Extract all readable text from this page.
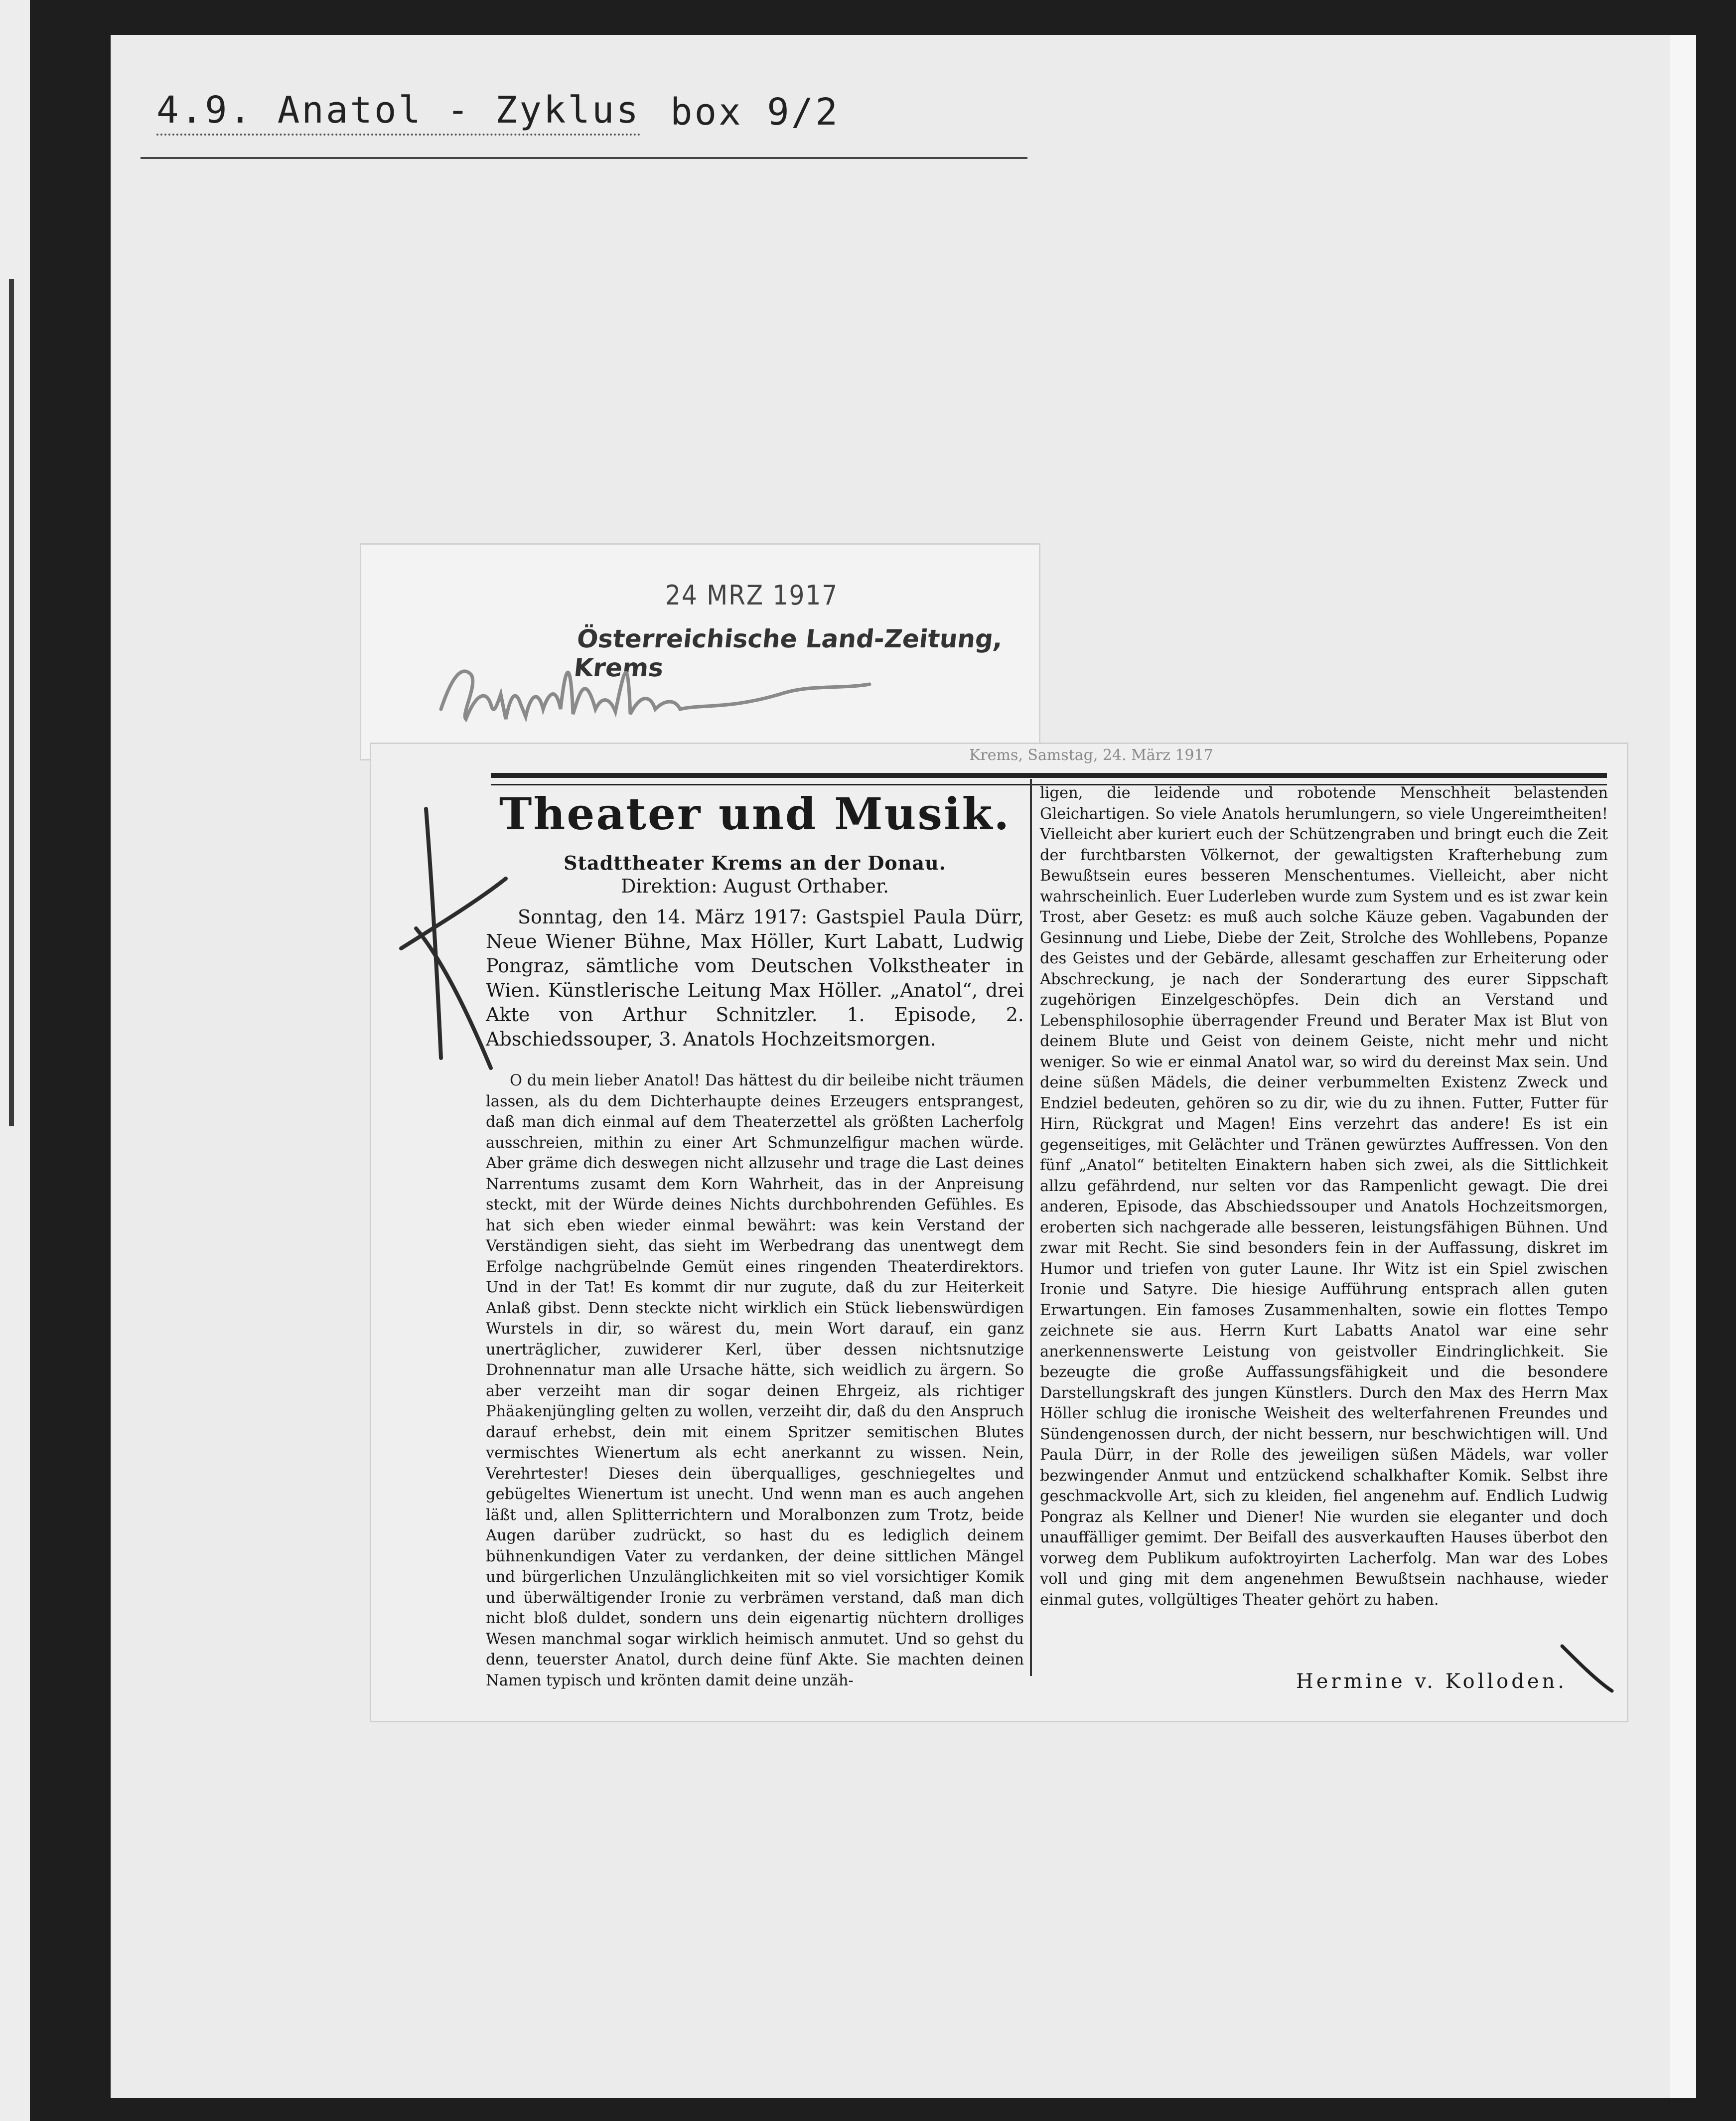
4.9. Anatol - Zyklus box 9/2
24 MRZ 1917
Österreichische Land-Zeitung, Krems
Krems, Samstag, 24. März 1917
Theater und Musik.
Stadttheater Krems an der Donau.
Direktion: August Orthaber.

Sonntag, den 14. März 1917: Gastspiel Paula Dürr, Neue Wiener Bühne, Max Höller, Kurt Labatt, Ludwig Pongraz, sämtliche vom Deutschen Volkstheater in Wien. Künstlerische Leitung Max Höller. „Anatol“, drei Akte von Arthur Schnitzler. 1. Episode, 2. Abschiedssouper, 3. Anatols Hochzeitsmorgen.

O du mein lieber Anatol! Das hättest du dir beileibe nicht träumen lassen, als du dem Dichterhaupte deines Erzeugers entsprangest, daß man dich einmal auf dem Theaterzettel als größten Lacherfolg ausschreien, mithin zu einer Art Schmunzelfigur machen würde. Aber gräme dich deswegen nicht allzusehr und trage die Last deines Narrentums zusamt dem Korn Wahrheit, das in der Anpreisung steckt, mit der Würde deines Nichts durchbohrenden Gefühles. Es hat sich eben wieder einmal bewährt: was kein Verstand der Verständigen sieht, das sieht im Werbedrang das unentwegt dem Erfolge nachgrübelnde Gemüt eines ringenden Theaterdirektors. Und in der Tat! Es kommt dir nur zugute, daß du zur Heiterkeit Anlaß gibst. Denn steckte nicht wirklich ein Stück liebenswürdigen Wurstels in dir, so wärest du, mein Wort darauf, ein ganz unerträglicher, zuwiderer Kerl, über dessen nichtsnutzige Drohnennatur man alle Ursache hätte, sich weidlich zu ärgern. So aber verzeiht man dir sogar deinen Ehrgeiz, als richtiger Phäakenjüngling gelten zu wollen, verzeiht dir, daß du den Anspruch darauf erhebst, dein mit einem Spritzer semitischen Blutes vermischtes Wienertum als echt anerkannt zu wissen. Nein, Verehrtester! Dieses dein überqualliges, geschniegeltes und gebügeltes Wienertum ist unecht. Und wenn man es auch angehen läßt und, allen Splitterrichtern und Moralbonzen zum Trotz, beide Augen darüber zudrückt, so hast du es lediglich deinem bühnenkundigen Vater zu verdanken, der deine sittlichen Mängel und bürgerlichen Unzulänglichkeiten mit so viel vorsichtiger Komik und überwältigender Ironie zu verbrämen verstand, daß man dich nicht bloß duldet, sondern uns dein eigenartig nüchtern drolliges Wesen manchmal sogar wirklich heimisch anmutet. Und so gehst du denn, teuerster Anatol, durch deine fünf Akte. Sie machten deinen Namen typisch und krönten damit deine unzäh-

ligen, die leidende und robotende Menschheit belastenden Gleichartigen. So viele Anatols herumlungern, so viele Ungereimtheiten! Vielleicht aber kuriert euch der Schützengraben und bringt euch die Zeit der furchtbarsten Völkernot, der gewaltigsten Krafterhebung zum Bewußtsein eures besseren Menschentumes. Vielleicht, aber nicht wahrscheinlich. Euer Luderleben wurde zum System und es ist zwar kein Trost, aber Gesetz: es muß auch solche Käuze geben. Vagabunden der Gesinnung und Liebe, Diebe der Zeit, Strolche des Wohllebens, Popanze des Geistes und der Gebärde, allesamt geschaffen zur Erheiterung oder Abschreckung, je nach der Sonderartung des eurer Sippschaft zugehörigen Einzelgeschöpfes. Dein dich an Verstand und Lebensphilosophie überragender Freund und Berater Max ist Blut von deinem Blute und Geist von deinem Geiste, nicht mehr und nicht weniger. So wie er einmal Anatol war, so wird du dereinst Max sein. Und deine süßen Mädels, die deiner verbummelten Existenz Zweck und Endziel bedeuten, gehören so zu dir, wie du zu ihnen. Futter, Futter für Hirn, Rückgrat und Magen! Eins verzehrt das andere! Es ist ein gegenseitiges, mit Gelächter und Tränen gewürztes Auffressen. Von den fünf „Anatol“ betitelten Einaktern haben sich zwei, als die Sittlichkeit allzu gefährdend, nur selten vor das Rampenlicht gewagt. Die drei anderen, Episode, das Abschiedssouper und Anatols Hochzeitsmorgen, eroberten sich nachgerade alle besseren, leistungsfähigen Bühnen. Und zwar mit Recht. Sie sind besonders fein in der Auffassung, diskret im Humor und triefen von guter Laune. Ihr Witz ist ein Spiel zwischen Ironie und Satyre. Die hiesige Aufführung entsprach allen guten Erwartungen. Ein famoses Zusammenhalten, sowie ein flottes Tempo zeichnete sie aus. Herrn Kurt Labatts Anatol war eine sehr anerkennenswerte Leistung von geistvoller Eindringlichkeit. Sie bezeugte die große Auffassungsfähigkeit und die besondere Darstellungskraft des jungen Künstlers. Durch den Max des Herrn Max Höller schlug die ironische Weisheit des welterfahrenen Freundes und Sündengenossen durch, der nicht bessern, nur beschwichtigen will. Und Paula Dürr, in der Rolle des jeweiligen süßen Mädels, war voller bezwingender Anmut und entzückend schalkhafter Komik. Selbst ihre geschmackvolle Art, sich zu kleiden, fiel angenehm auf. Endlich Ludwig Pongraz als Kellner und Diener! Nie wurden sie eleganter und doch unauffälliger gemimt. Der Beifall des ausverkauften Hauses überbot den vorweg dem Publikum aufoktroyirten Lacherfolg. Man war des Lobes voll und ging mit dem angenehmen Bewußtsein nachhause, wieder einmal gutes, vollgültiges Theater gehört zu haben.

Hermine v. Kolloden.
